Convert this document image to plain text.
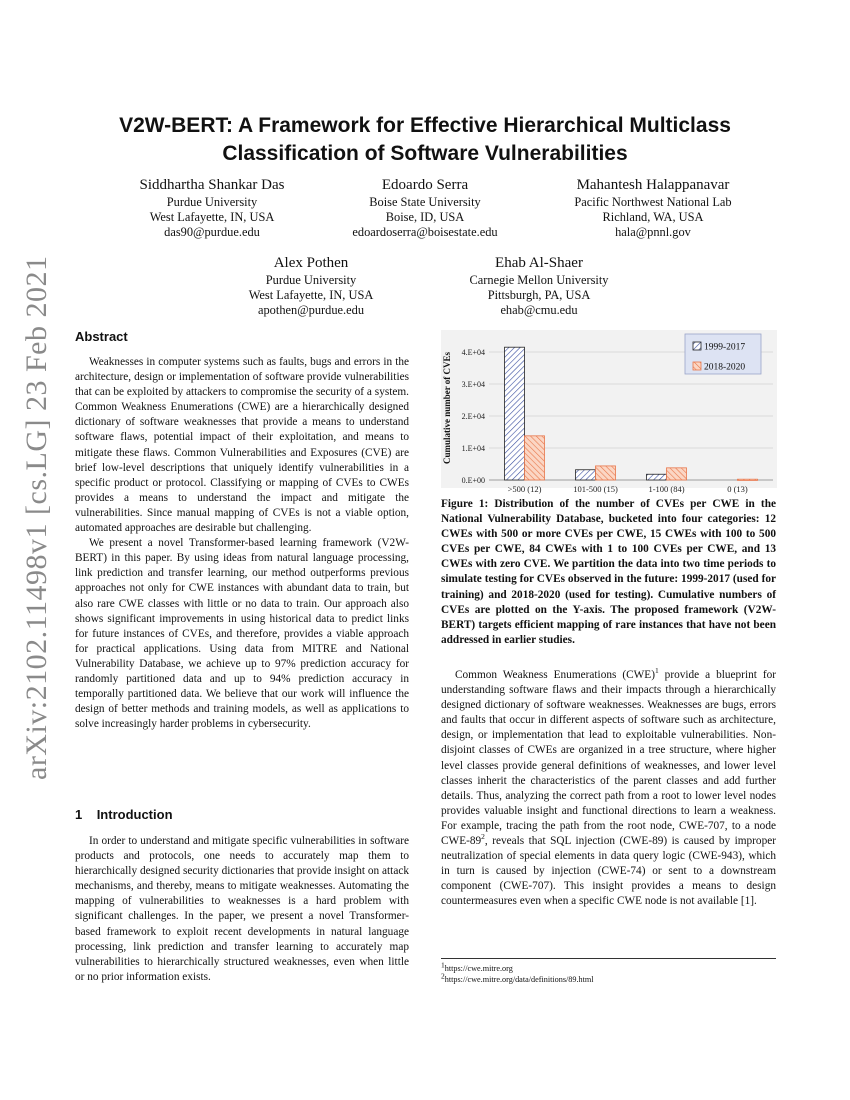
arXiv:2102.11498v1 [cs.LG] 23 Feb 2021
V2W-BERT: A Framework for Effective Hierarchical Multiclass
Classification of Software Vulnerabilities
Siddhartha Shankar Das
Purdue University
West Lafayette, IN, USA
das90@purdue.edu
Edoardo Serra
Boise State University
Boise, ID, USA
edoardoserra@boisestate.edu
Mahantesh Halappanavar
Pacific Northwest National Lab
Richland, WA, USA
hala@pnnl.gov
Alex Pothen
Purdue University
West Lafayette, IN, USA
apothen@purdue.edu
Ehab Al-Shaer
Carnegie Mellon University
Pittsburgh, PA, USA
ehab@cmu.edu
Abstract

Weaknesses in computer systems such as faults, bugs and errors in the architecture, design or implementation of software provide vulnerabilities that can be exploited by attackers to compromise the security of a system. Common Weakness Enumerations (CWE) are a hierarchically designed dictionary of software weaknesses that provide a means to understand software flaws, potential impact of their exploitation, and means to mitigate these flaws. Common Vulnerabilities and Exposures (CVE) are brief low-level descriptions that uniquely identify vulnerabilities in a specific product or protocol. Classifying or mapping of CVEs to CWEs provides a means to understand the impact and mitigate the vulnerabilities. Since manual mapping of CVEs is not a viable option, automated approaches are desirable but challenging.

We present a novel Transformer-based learning framework (V2W-BERT) in this paper. By using ideas from natural language processing, link prediction and transfer learning, our method outperforms previous approaches not only for CWE instances with abundant data to train, but also rare CWE classes with little or no data to train. Our approach also shows significant improvements in using historical data to predict links for future instances of CVEs, and therefore, provides a viable approach for practical applications. Using data from MITRE and National Vulnerability Database, we achieve up to 97% prediction accuracy for randomly partitioned data and up to 94% prediction accuracy in temporally partitioned data. We believe that our work will influence the design of better methods and training models, as well as applications to solve increasingly harder problems in cybersecurity.

1 Introduction

In order to understand and mitigate specific vulnerabilities in software products and protocols, one needs to accurately map them to hierarchically designed security dictionaries that provide insight on attack mechanisms, and thereby, means to mitigate weaknesses. Automating the mapping of vulnerabilities to weaknesses is a hard problem with significant challenges. In the paper, we present a novel Transformer-based framework to exploit recent developments in natural language processing, link prediction and transfer learning to accurately map vulnerabilities to hierarchically structured weaknesses, even when little or no prior information exists.

0.E+00
1.E+04
2.E+04
3.E+04
4.E+04
Cumulative number of CVEs
>500 (12)	101-500 (15)	1-100 (84)	0 (13)
1999-2017
2018-2020
Figure 1: Distribution of the number of CVEs per CWE in the National Vulnerability Database, bucketed into four categories: 12 CWEs with 500 or more CVEs per CWE, 15 CWEs with 100 to 500 CVEs per CWE, 84 CWEs with 1 to 100 CVEs per CWE, and 13 CWEs with zero CVE. We partition the data into two time periods to simulate testing for CVEs observed in the future: 1999-2017 (used for training) and 2018-2020 (used for testing). Cumulative numbers of CVEs are plotted on the Y-axis. The proposed framework (V2W-BERT) targets efficient mapping of rare instances that have not been addressed in earlier studies.

Common Weakness Enumerations (CWE)$^1$ provide a blueprint for understanding software flaws and their impacts through a hierarchically designed dictionary of software weaknesses. Weaknesses are bugs, errors and faults that occur in different aspects of software such as architecture, design, or implementation that lead to exploitable vulnerabilities. Non-disjoint classes of CWEs are organized in a tree structure, where higher level classes provide general definitions of weaknesses, and lower level classes inherit the characteristics of the parent classes and add further details. Thus, analyzing the correct path from a root to lower level nodes provides valuable insight and functional directions to learn a weakness. For example, tracing the path from the root node, CWE-707, to a node CWE-$89^2$, reveals that SQL injection (CWE-89) is caused by improper neutralization of special elements in data query logic (CWE-943), which in turn is caused by injection (CWE-74) or sent to a downstream component (CWE-707). This insight provides a means to design countermeasures even when a specific CWE node is not available [1].

$^1$https://cwe.mitre.org
$^2$https://cwe.mitre.org/data/definitions/89.html
